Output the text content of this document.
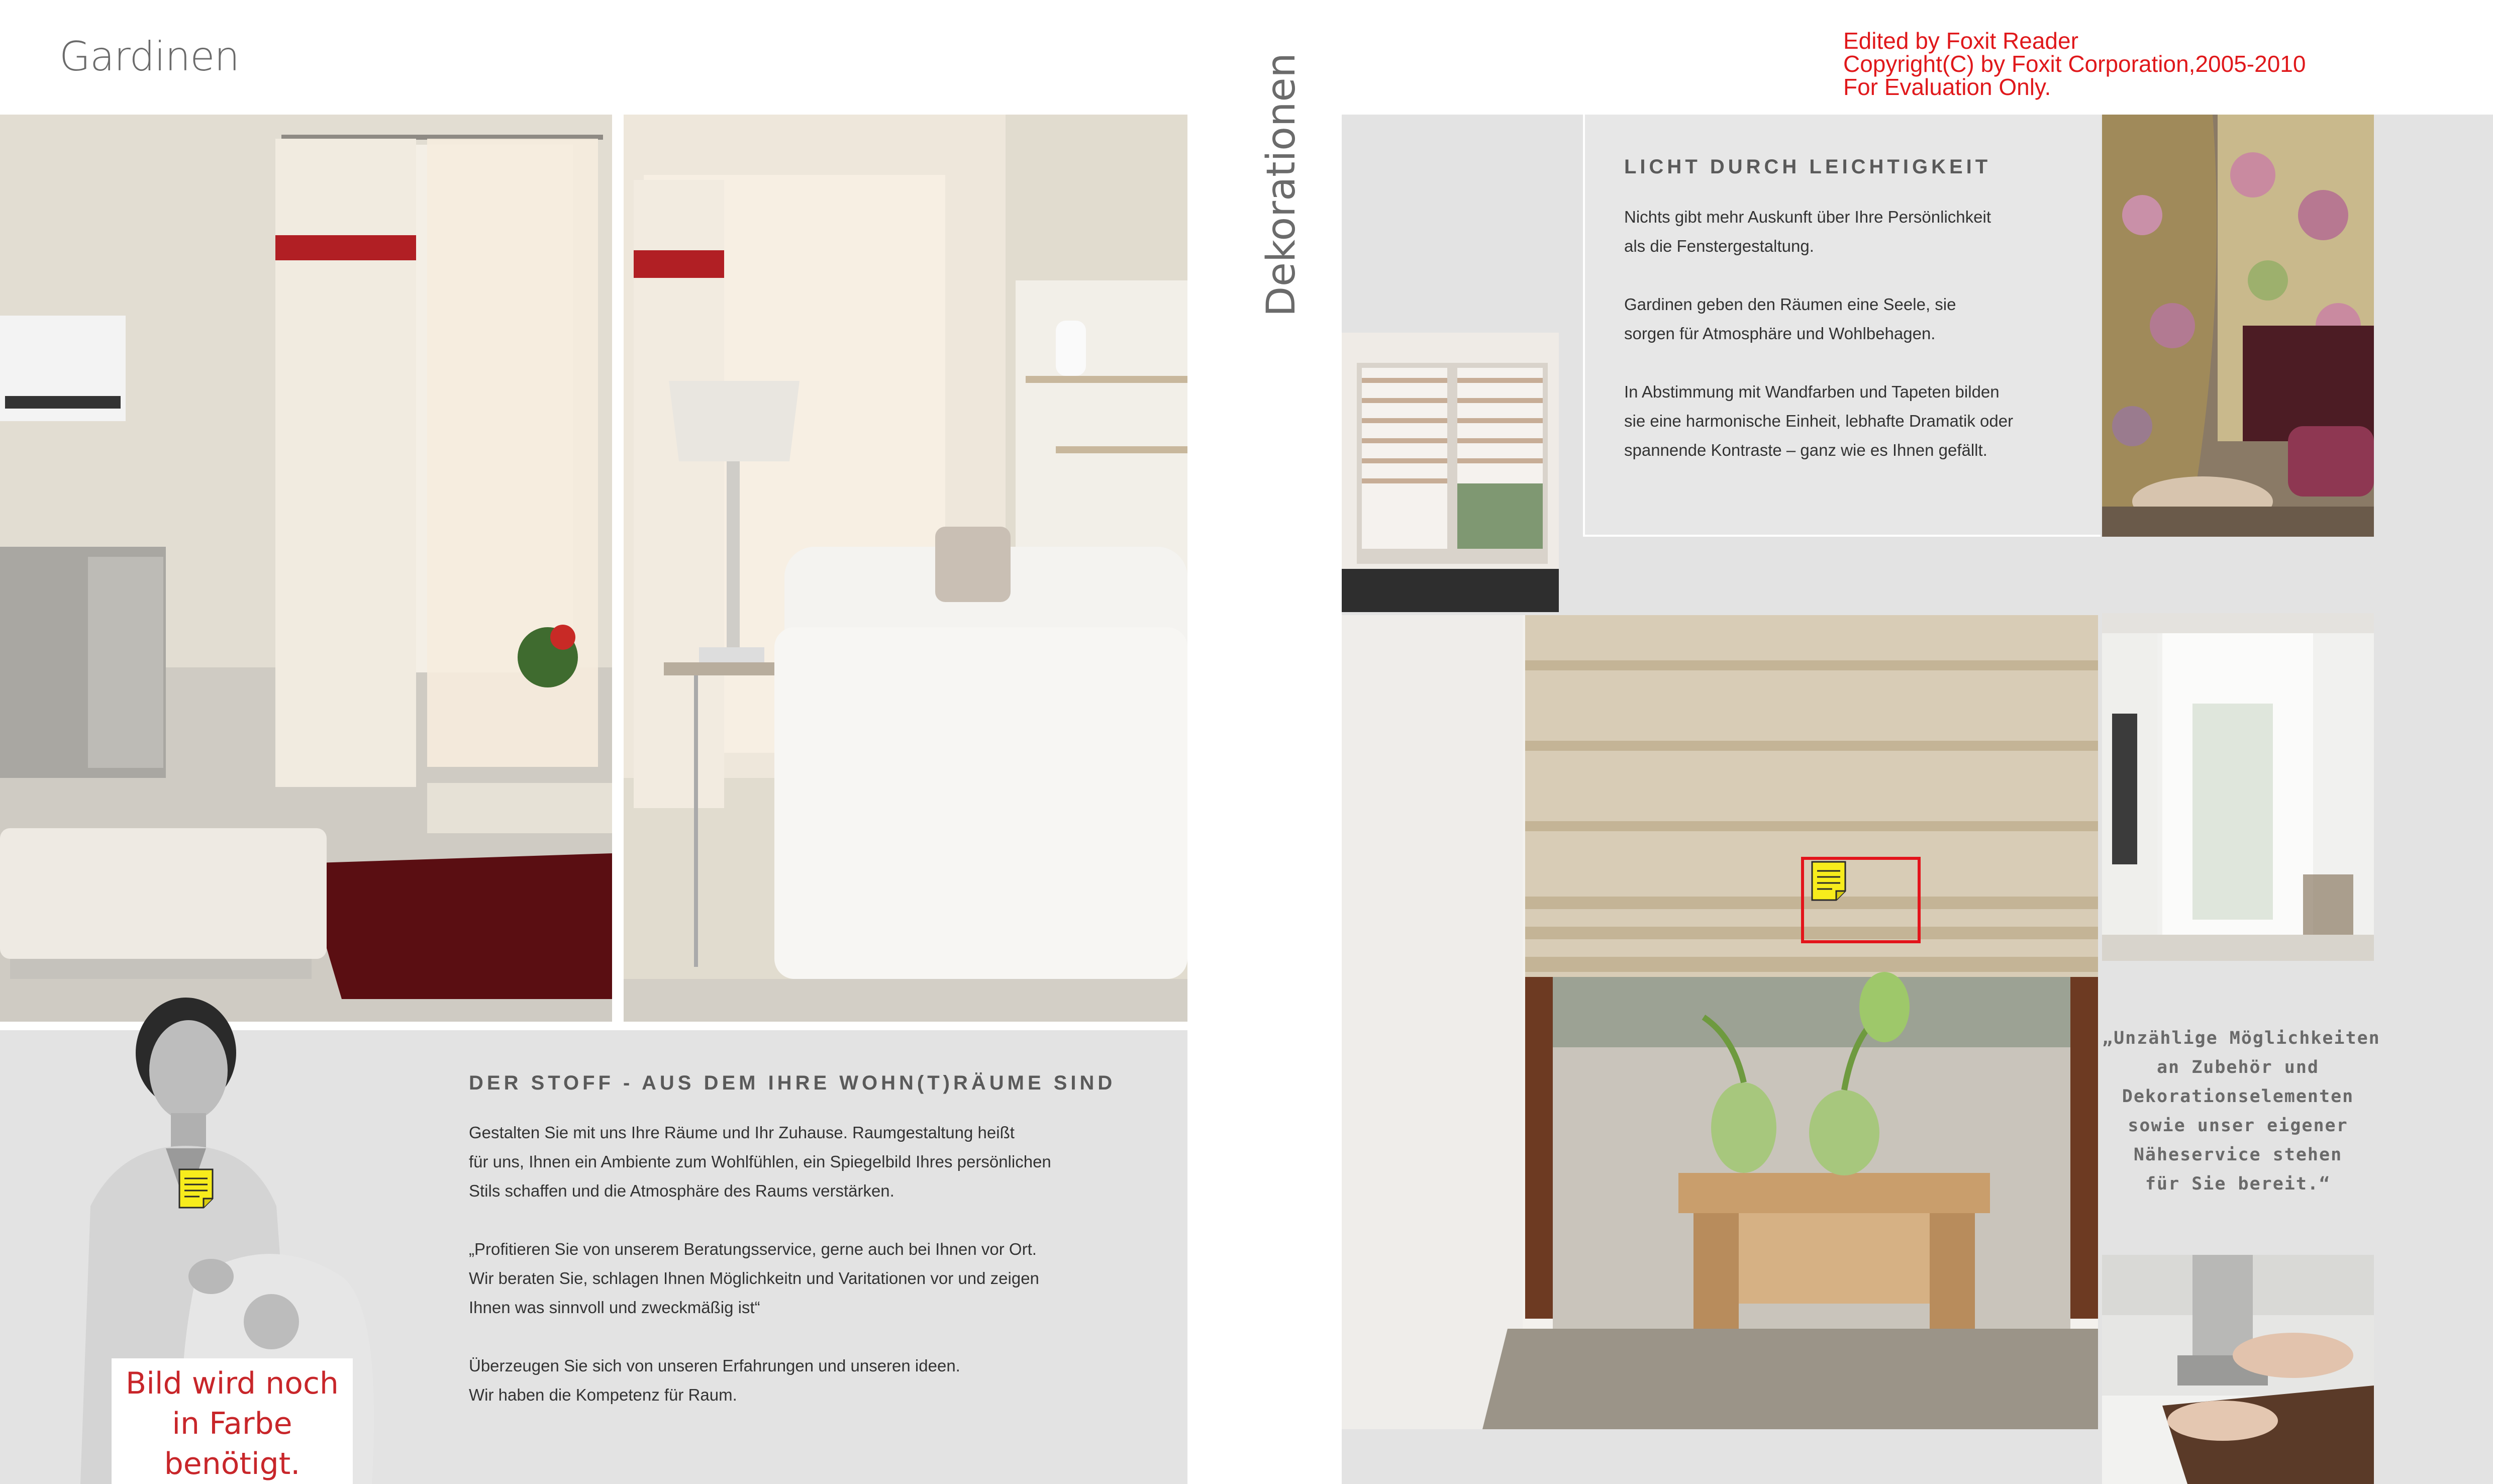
Gardinen
Bild wird noch
in Farbe benötigt.
DER STOFF - AUS DEM IHRE WOHN(T)RÄUME SIND

Gestalten Sie mit uns Ihre Räume und Ihr Zuhause. Raumgestaltung heißt

für uns, Ihnen ein Ambiente zum Wohlfühlen, ein Spiegelbild Ihres persönlichen

Stils schaffen und die Atmosphäre des Raums verstärken.

„Profitieren Sie von unserem Beratungsservice, gerne auch bei Ihnen vor Ort.

Wir beraten Sie, schlagen Ihnen Möglichkeitn und Varitationen vor und zeigen

Ihnen was sinnvoll und zweckmäßig ist“

Überzeugen Sie sich von unseren Erfahrungen und unseren ideen.

Wir haben die Kompetenz für Raum.

Dekorationen
Edited by Foxit Reader
Copyright(C) by Foxit Corporation,2005-2010
For Evaluation Only.
LICHT DURCH LEICHTIGKEIT

Nichts gibt mehr Auskunft über Ihre Persönlichkeit

als die Fenstergestaltung.

Gardinen geben den Räumen eine Seele, sie

sorgen für Atmosphäre und Wohlbehagen.

In Abstimmung mit Wandfarben und Tapeten bilden

sie eine harmonische Einheit, lebhafte Dramatik oder

spannende Kontraste – ganz wie es Ihnen gefällt.

„Unzählige Möglichkeiten
an Zubehör und
Dekorationselementen
sowie unser eigener
Näheservice stehen
für Sie bereit.“
